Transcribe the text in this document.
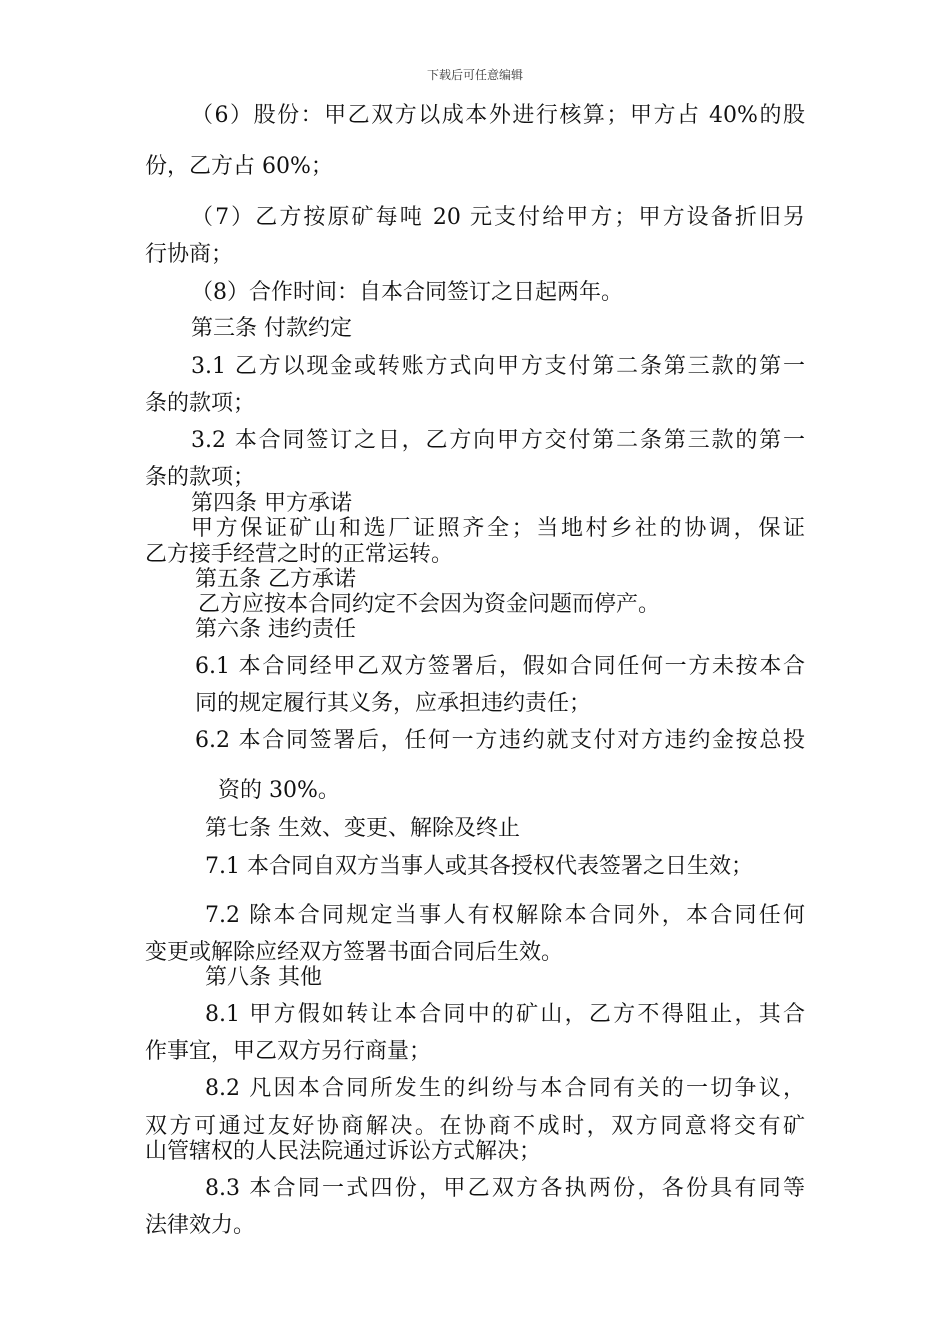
下载后可任意编辑
（6）股份：甲乙双方以成本外进行核算；甲方占 40%的股
份，乙方占 60%；
（7）乙方按原矿每吨 20 元支付给甲方；甲方设备折旧另
行协商；
（8）合作时间：自本合同签订之日起两年。
第三条 付款约定
3.1 乙方以现金或转账方式向甲方支付第二条第三款的第一
条的款项；
3.2 本合同签订之日，乙方向甲方交付第二条第三款的第一
条的款项；
第四条 甲方承诺
甲方保证矿山和选厂证照齐全；当地村乡社的协调，保证
乙方接手经营之时的正常运转。
第五条 乙方承诺
乙方应按本合同约定不会因为资金问题而停产。
第六条 违约责任
6.1 本合同经甲乙双方签署后，假如合同任何一方未按本合
同的规定履行其义务，应承担违约责任；
6.2 本合同签署后，任何一方违约就支付对方违约金按总投
资的 30%。
第七条 生效、变更、解除及终止
7.1 本合同自双方当事人或其各授权代表签署之日生效；
7.2 除本合同规定当事人有权解除本合同外，本合同任何
变更或解除应经双方签署书面合同后生效。
第八条 其他
8.1 甲方假如转让本合同中的矿山，乙方不得阻止，其合
作事宜，甲乙双方另行商量；
8.2 凡因本合同所发生的纠纷与本合同有关的一切争议，
双方可通过友好协商解决。在协商不成时，双方同意将交有矿
山管辖权的人民法院通过诉讼方式解决；
8.3 本合同一式四份，甲乙双方各执两份，各份具有同等
法律效力。
